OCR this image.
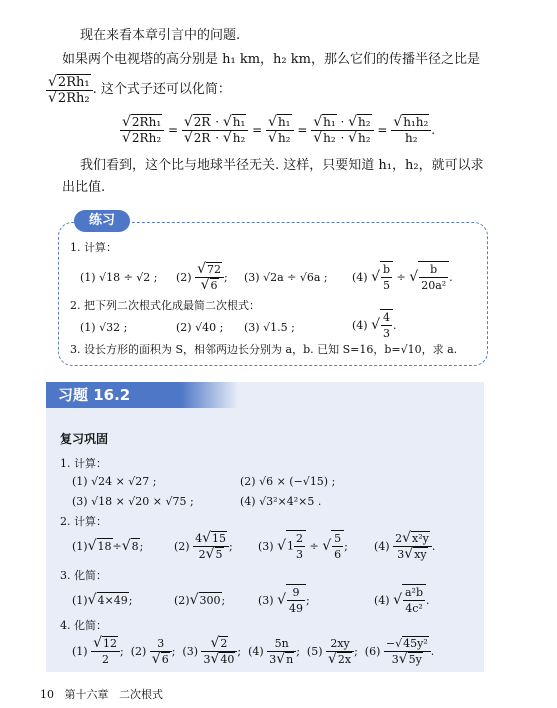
现在来看本章引言中的问题.
如果两个电视塔的高分别是 h₁ km，h₂ km，那么它们的传播半径之比是
$\frac{\text{√2Rh₁}}{\text{√2Rh₂}}$ . 这个式子还可以化简：
$\frac{\text{√2Rh₁}}{\text{√2Rh₂}} = \frac{\text{√2R · √h₁}}{\text{√2R · √h₂}} = \frac{\text{√h₁}}{\text{√h₂}} = \frac{\text{√h₁ · √h₂}}{\text{√h₂ · √h₂}} = \frac{\text{√h₁h₂}}{\text{h₂}}$ .
我们看到，这个比与地球半径无关. 这样，只要知道 h₁，h₂，就可以求
出比值.
练习
1. 计算：
(1) √18 ÷ √2 ; (2)
$\frac{√72}{√6}$ ; (3) √2a ÷ √6a ; (4)
√ $\frac{b}{5}$ ÷ √ $\frac{b}{\text{20a²}}$ .
2. 把下列二次根式化成最简二次根式：
(1) √32 ;	(2) √40 ; (3) √1.5 ;	(4)
√ $\frac{4}{3}$ .
3. 设长方形的面积为 S，相邻两边长分别为 a，b. 已知 S=16，b=√10，求 a.
习题 16.2
复习巩固
1. 计算：
(1) √24 × √27 ;	(2) √6 × (−√15) ;
(3) √18 × √20 × √75 ;	(4) √3²×4²×5 .
2. 计算：
(1) √ 18 ÷ √ 8 ;	$(2) \frac{4√15}{2√5}$ ; (3) √ $1 \frac{2}{3}$ ÷ √ $\frac{5}{6}$ ; $(4) \frac{\text{2√x²y}}{3√xy}$ .
3. 化简：
(1) √ 4×49 ;	(2) √ 300 ;	(3) √ $\frac{9}{49}$ ;	(4) √ $\frac{\text{a²b}}{\text{4c²}}$ .
4. 化简：
$(1) \frac{√12}{2}$ ;  $(2) \frac{3}{√6}$ ;  $(3) \frac{√2}{3√40}$ ;  $(4) \frac{5n}{3√n}$ ;  $(5) \frac{2xy}{√2x}$ ;  $(6) \frac{\text{−√45y²}}{3√5y}$ .
10 第十六章 二次根式
